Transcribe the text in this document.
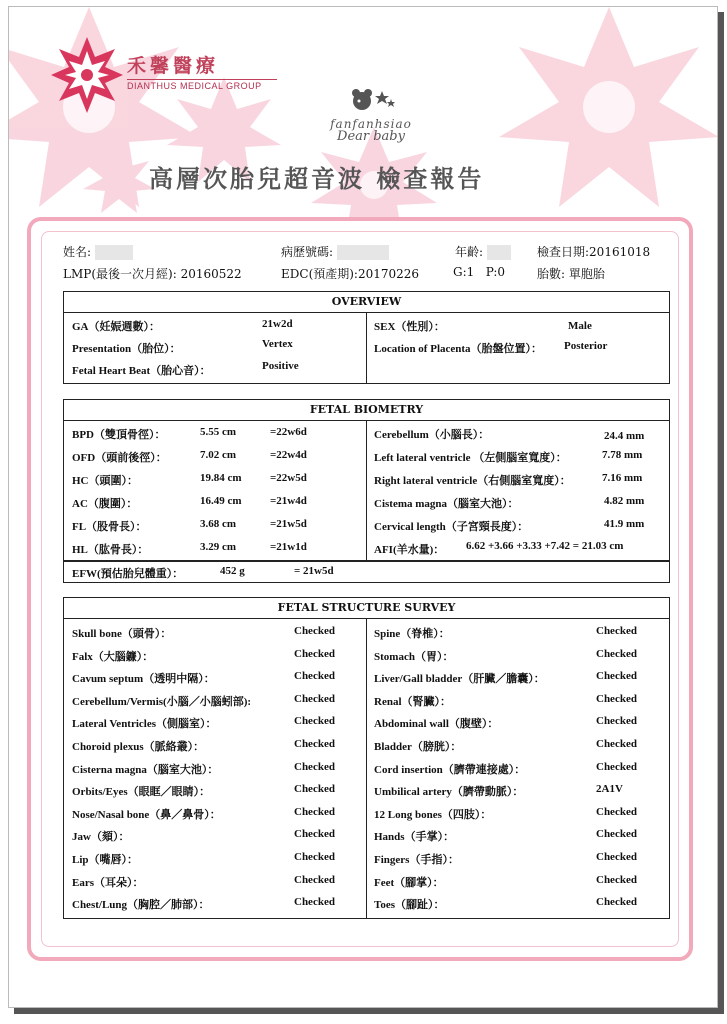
禾馨醫療
DIANTHUS MEDICAL GROUP
fanfanhsiao
Dear baby
高層次胎兒超音波 檢查報告
姓名:	病歷號碼:	年齡:	檢查日期:20161018
LMP(最後一次月經): 20160522	EDC(預產期):20170226	G:1 P:0	胎數: 單胞胎
OVERVIEW
GA（妊娠週數）：	21w2d
Presentation（胎位）：	Vertex
Fetal Heart Beat（胎心音）：	Positive
SEX（性別）：	Male
Location of Placenta（胎盤位置）： Posterior
FETAL BIOMETRY
BPD（雙頂骨徑）：	5.55 cm	=22w6d
OFD（頭前後徑）：	7.02 cm	=22w4d
HC（頭圍）：	19.84 cm	=22w5d
AC（腹圍）：	16.49 cm	=21w4d
FL（股骨長）：	3.68 cm	=21w5d
HL（肱骨長）：	3.29 cm	=21w1d
Cerebellum（小腦長）：	24.4 mm
Left lateral ventricle （左側腦室寬度）：	7.78 mm
Right lateral ventricle（右側腦室寬度）：	7.16 mm
Cistema magna（腦室大池）：	4.82 mm
Cervical length（子宮頸長度）：	41.9 mm
AFI(羊水量)： 6.62 +3.66 +3.33 +7.42 = 21.03 cm
EFW(預估胎兒體重）：	452 g	= 21w5d
FETAL STRUCTURE SURVEY
Skull bone（頭骨）：	Checked
Falx（大腦鐮）：	Checked
Cavum septum（透明中隔）：	Checked
Cerebellum/Vermis(小腦／小腦蚓部):	Checked
Lateral Ventricles（側腦室）：	Checked
Choroid plexus（脈絡叢）：	Checked
Cisterna magna（腦室大池）：	Checked
Orbits/Eyes（眼眶／眼睛）：	Checked
Nose/Nasal bone（鼻／鼻骨）：	Checked
Jaw（頦）：	Checked
Lip（嘴唇）：	Checked
Ears（耳朵）：	Checked
Chest/Lung（胸腔／肺部）：	Checked
Spine（脊椎）：	Checked
Stomach（胃）：	Checked
Liver/Gall bladder（肝臟／膽囊）：	Checked
Renal（腎臟）：	Checked
Abdominal wall（腹壁）：	Checked
Bladder（膀胱）：	Checked
Cord insertion（臍帶連接處）：	Checked
Umbilical artery（臍帶動脈）：	2A1V
12 Long bones（四肢）：	Checked
Hands（手掌）：	Checked
Fingers（手指）：	Checked
Feet（腳掌）：	Checked
Toes（腳趾）：	Checked
